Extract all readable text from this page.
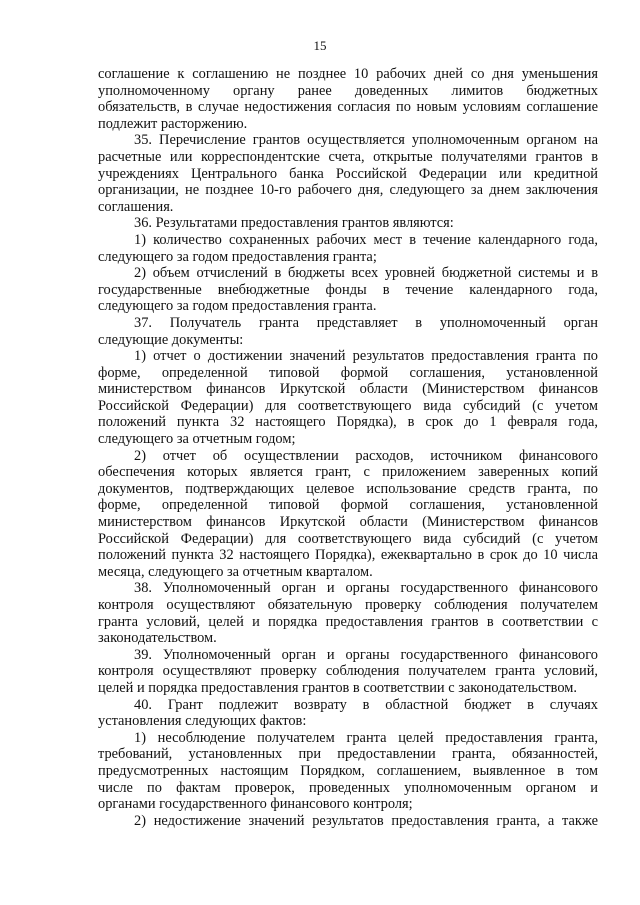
15
соглашение к соглашению не позднее 10 рабочих дней со дня уменьшения
уполномоченному органу ранее доведенных лимитов бюджетных
обязательств, в случае недостижения согласия по новым условиям соглашение
подлежит расторжению.
35. Перечисление грантов осуществляется уполномоченным органом на
расчетные или корреспондентские счета, открытые получателями грантов в
учреждениях Центрального банка Российской Федерации или кредитной
организации, не позднее 10-го рабочего дня, следующего за днем заключения
соглашения.
36. Результатами предоставления грантов являются:
1) количество сохраненных рабочих мест в течение календарного года,
следующего за годом предоставления гранта;
2) объем отчислений в бюджеты всех уровней бюджетной системы и в
государственные внебюджетные фонды в течение календарного года,
следующего за годом предоставления гранта.
37. Получатель гранта представляет в уполномоченный орган
следующие документы:
1) отчет о достижении значений результатов предоставления гранта по
форме, определенной типовой формой соглашения, установленной
министерством финансов Иркутской области (Министерством финансов
Российской Федерации) для соответствующего вида субсидий (с учетом
положений пункта 32 настоящего Порядка), в срок до 1 февраля года,
следующего за отчетным годом;
2) отчет об осуществлении расходов, источником финансового
обеспечения которых является грант, с приложением заверенных копий
документов, подтверждающих целевое использование средств гранта, по
форме, определенной типовой формой соглашения, установленной
министерством финансов Иркутской области (Министерством финансов
Российской Федерации) для соответствующего вида субсидий (с учетом
положений пункта 32 настоящего Порядка), ежеквартально в срок до 10 числа
месяца, следующего за отчетным кварталом.
38. Уполномоченный орган и органы государственного финансового
контроля осуществляют обязательную проверку соблюдения получателем
гранта условий, целей и порядка предоставления грантов в соответствии с
законодательством.
39. Уполномоченный орган и органы государственного финансового
контроля осуществляют проверку соблюдения получателем гранта условий,
целей и порядка предоставления грантов в соответствии с законодательством.
40. Грант подлежит возврату в областной бюджет в случаях
установления следующих фактов:
1) несоблюдение получателем гранта целей предоставления гранта,
требований, установленных при предоставлении гранта, обязанностей,
предусмотренных настоящим Порядком, соглашением, выявленное в том
числе по фактам проверок, проведенных уполномоченным органом и
органами государственного финансового контроля;
2) недостижение значений результатов предоставления гранта, а также
